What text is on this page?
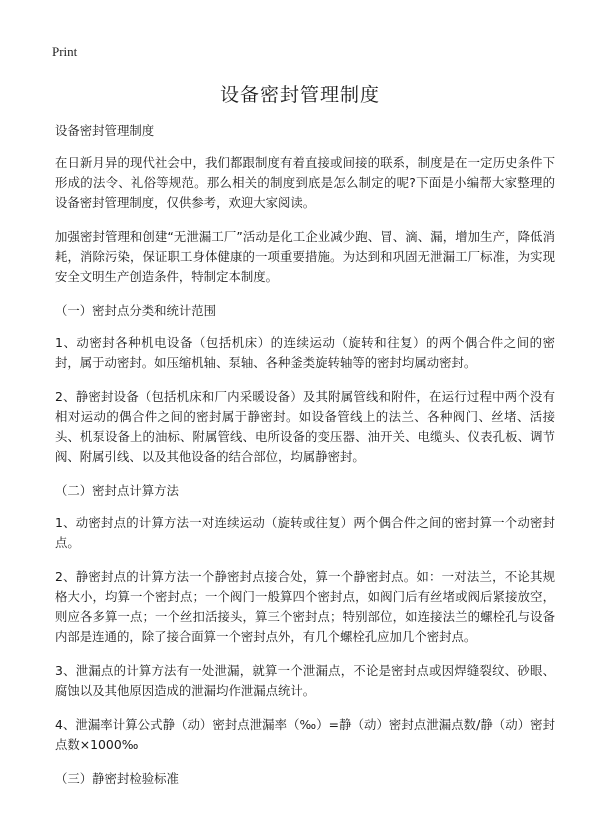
Print
设备密封管理制度

设备密封管理制度

在日新月异的现代社会中，我们都跟制度有着直接或间接的联系，制度是在一定历史条件下形成的法令、礼俗等规范。那么相关的制度到底是怎么制定的呢?下面是小编帮大家整理的设备密封管理制度，仅供参考，欢迎大家阅读。

加强密封管理和创建“无泄漏工厂”活动是化工企业减少跑、冒、滴、漏，增加生产，降低消耗，消除污染，保证职工身体健康的一项重要措施。为达到和巩固无泄漏工厂标准，为实现安全文明生产创造条件，特制定本制度。

（一）密封点分类和统计范围

1、动密封各种机电设备（包括机床）的连续运动（旋转和往复）的两个偶合件之间的密封，属于动密封。如压缩机轴、泵轴、各种釜类旋转轴等的密封均属动密封。

2、静密封设备（包括机床和厂内采暖设备）及其附属管线和附件，在运行过程中两个没有相对运动的偶合件之间的密封属于静密封。如设备管线上的法兰、各种阀门、丝堵、活接头、机泵设备上的油标、附属管线、电所设备的变压器、油开关、电缆头、仪表孔板、调节阀、附属引线、以及其他设备的结合部位，均属静密封。

（二）密封点计算方法

1、动密封点的计算方法一对连续运动（旋转或往复）两个偶合件之间的密封算一个动密封点。

2、静密封点的计算方法一个静密封点接合处，算一个静密封点。如：一对法兰，不论其规格大小，均算一个密封点；一个阀门一般算四个密封点，如阀门后有丝堵或阀后紧接放空，则应各多算一点；一个丝扣活接头，算三个密封点；特别部位，如连接法兰的螺栓孔与设备内部是连通的，除了接合面算一个密封点外，有几个螺栓孔应加几个密封点。

3、泄漏点的计算方法有一处泄漏，就算一个泄漏点，不论是密封点或因焊缝裂纹、砂眼、腐蚀以及其他原因造成的泄漏均作泄漏点统计。

4、泄漏率计算公式静（动）密封点泄漏率（‰）=静（动）密封点泄漏点数/静（动）密封点数×1000‰

（三）静密封检验标准
